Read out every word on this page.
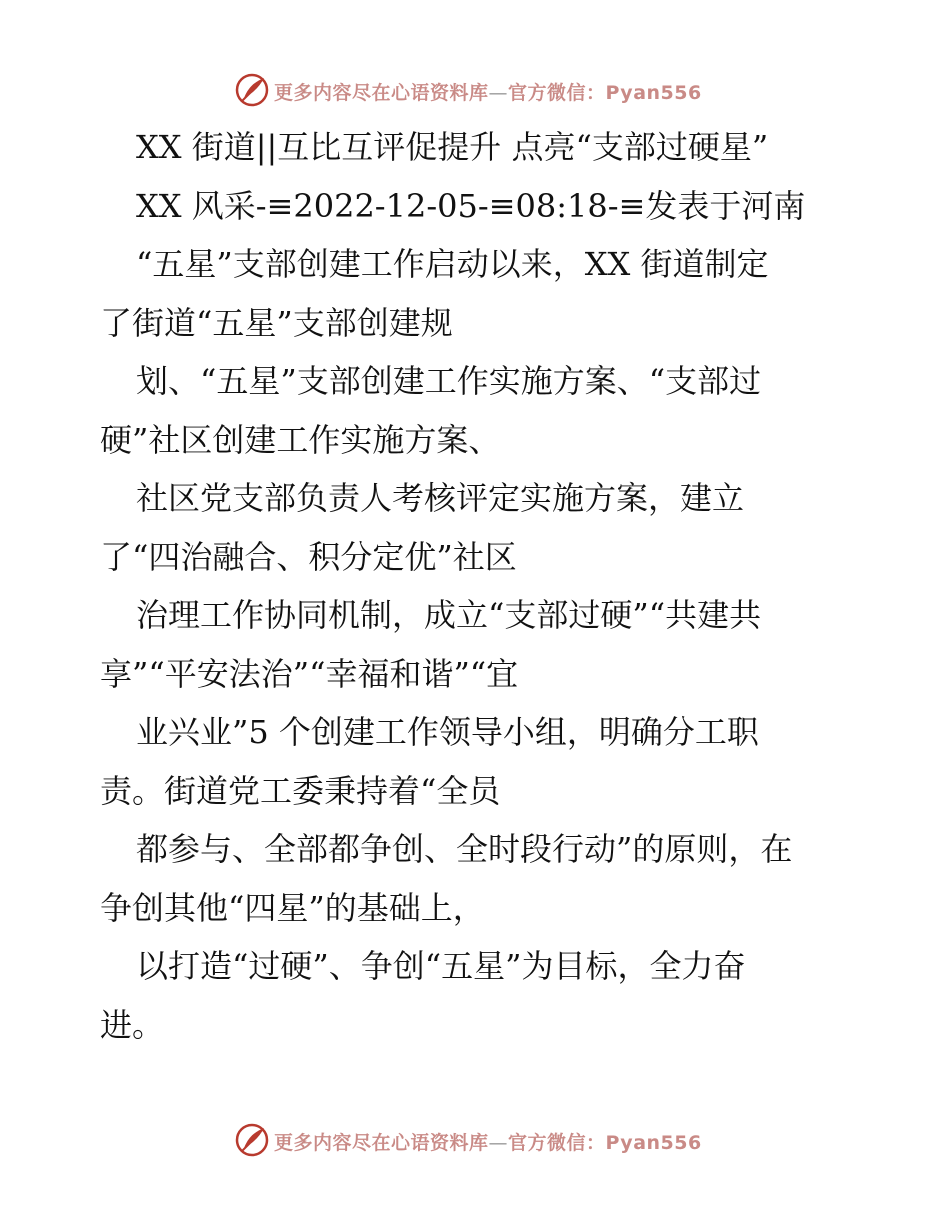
更多内容尽在心语资料库—官方微信：Pyan556
XX 街道||互比互评促提升 点亮“支部过硬星”
XX 风采-≡2022-12-05-≡08:18-≡发表于河南
“五星”支部创建工作启动以来，XX 街道制定
了街道“五星”支部创建规
划、“五星”支部创建工作实施方案、“支部过
硬”社区创建工作实施方案、
社区党支部负责人考核评定实施方案，建立
了“四治融合、积分定优”社区
治理工作协同机制，成立“支部过硬”“共建共
享”“平安法治”“幸福和谐”“宜
业兴业”5 个创建工作领导小组，明确分工职
责。街道党工委秉持着“全员
都参与、全部都争创、全时段行动”的原则，在
争创其他“四星”的基础上，
以打造“过硬”、争创“五星”为目标，全力奋
进。
更多内容尽在心语资料库—官方微信：Pyan556
